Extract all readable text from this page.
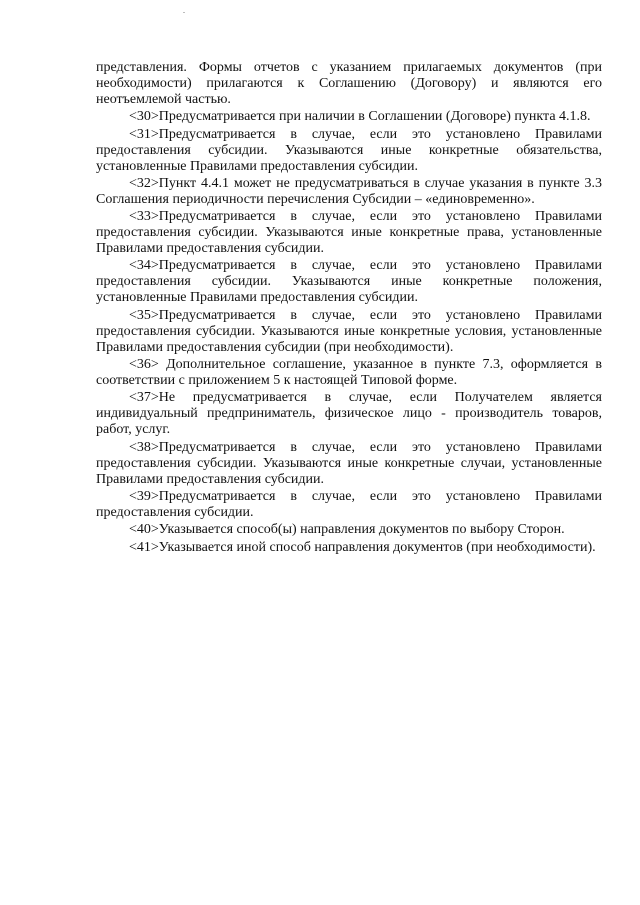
представления. Формы отчетов с указанием прилагаемых документов (при необходимости) прилагаются к Соглашению (Договору) и являются его неотъемлемой частью.

<30>Предусматривается при наличии в Соглашении (Договоре) пункта 4.1.8.

<31>Предусматривается в случае, если это установлено Правилами предоставления субсидии. Указываются иные конкретные обязательства, установленные Правилами предоставления субсидии.

<32>Пункт 4.4.1 может не предусматриваться в случае указания в пункте 3.3 Соглашения периодичности перечисления Субсидии – «единовременно».

<33>Предусматривается в случае, если это установлено Правилами предоставления субсидии. Указываются иные конкретные права, установленные Правилами предоставления субсидии.

<34>Предусматривается в случае, если это установлено Правилами предоставления субсидии. Указываются иные конкретные положения, установленные Правилами предоставления субсидии.

<35>Предусматривается в случае, если это установлено Правилами предоставления субсидии. Указываются иные конкретные условия, установленные Правилами предоставления субсидии (при необходимости).

<36> Дополнительное соглашение, указанное в пункте 7.3, оформляется в соответствии с приложением 5 к настоящей Типовой форме.

<37>Не предусматривается в случае, если Получателем является индивидуальный предприниматель, физическое лицо - производитель товаров, работ, услуг.

<38>Предусматривается в случае, если это установлено Правилами предоставления субсидии. Указываются иные конкретные случаи, установленные Правилами предоставления субсидии.

<39>Предусматривается в случае, если это установлено Правилами предоставления субсидии.

<40>Указывается способ(ы) направления документов по выбору Сторон.

<41>Указывается иной способ направления документов (при необходимости).
